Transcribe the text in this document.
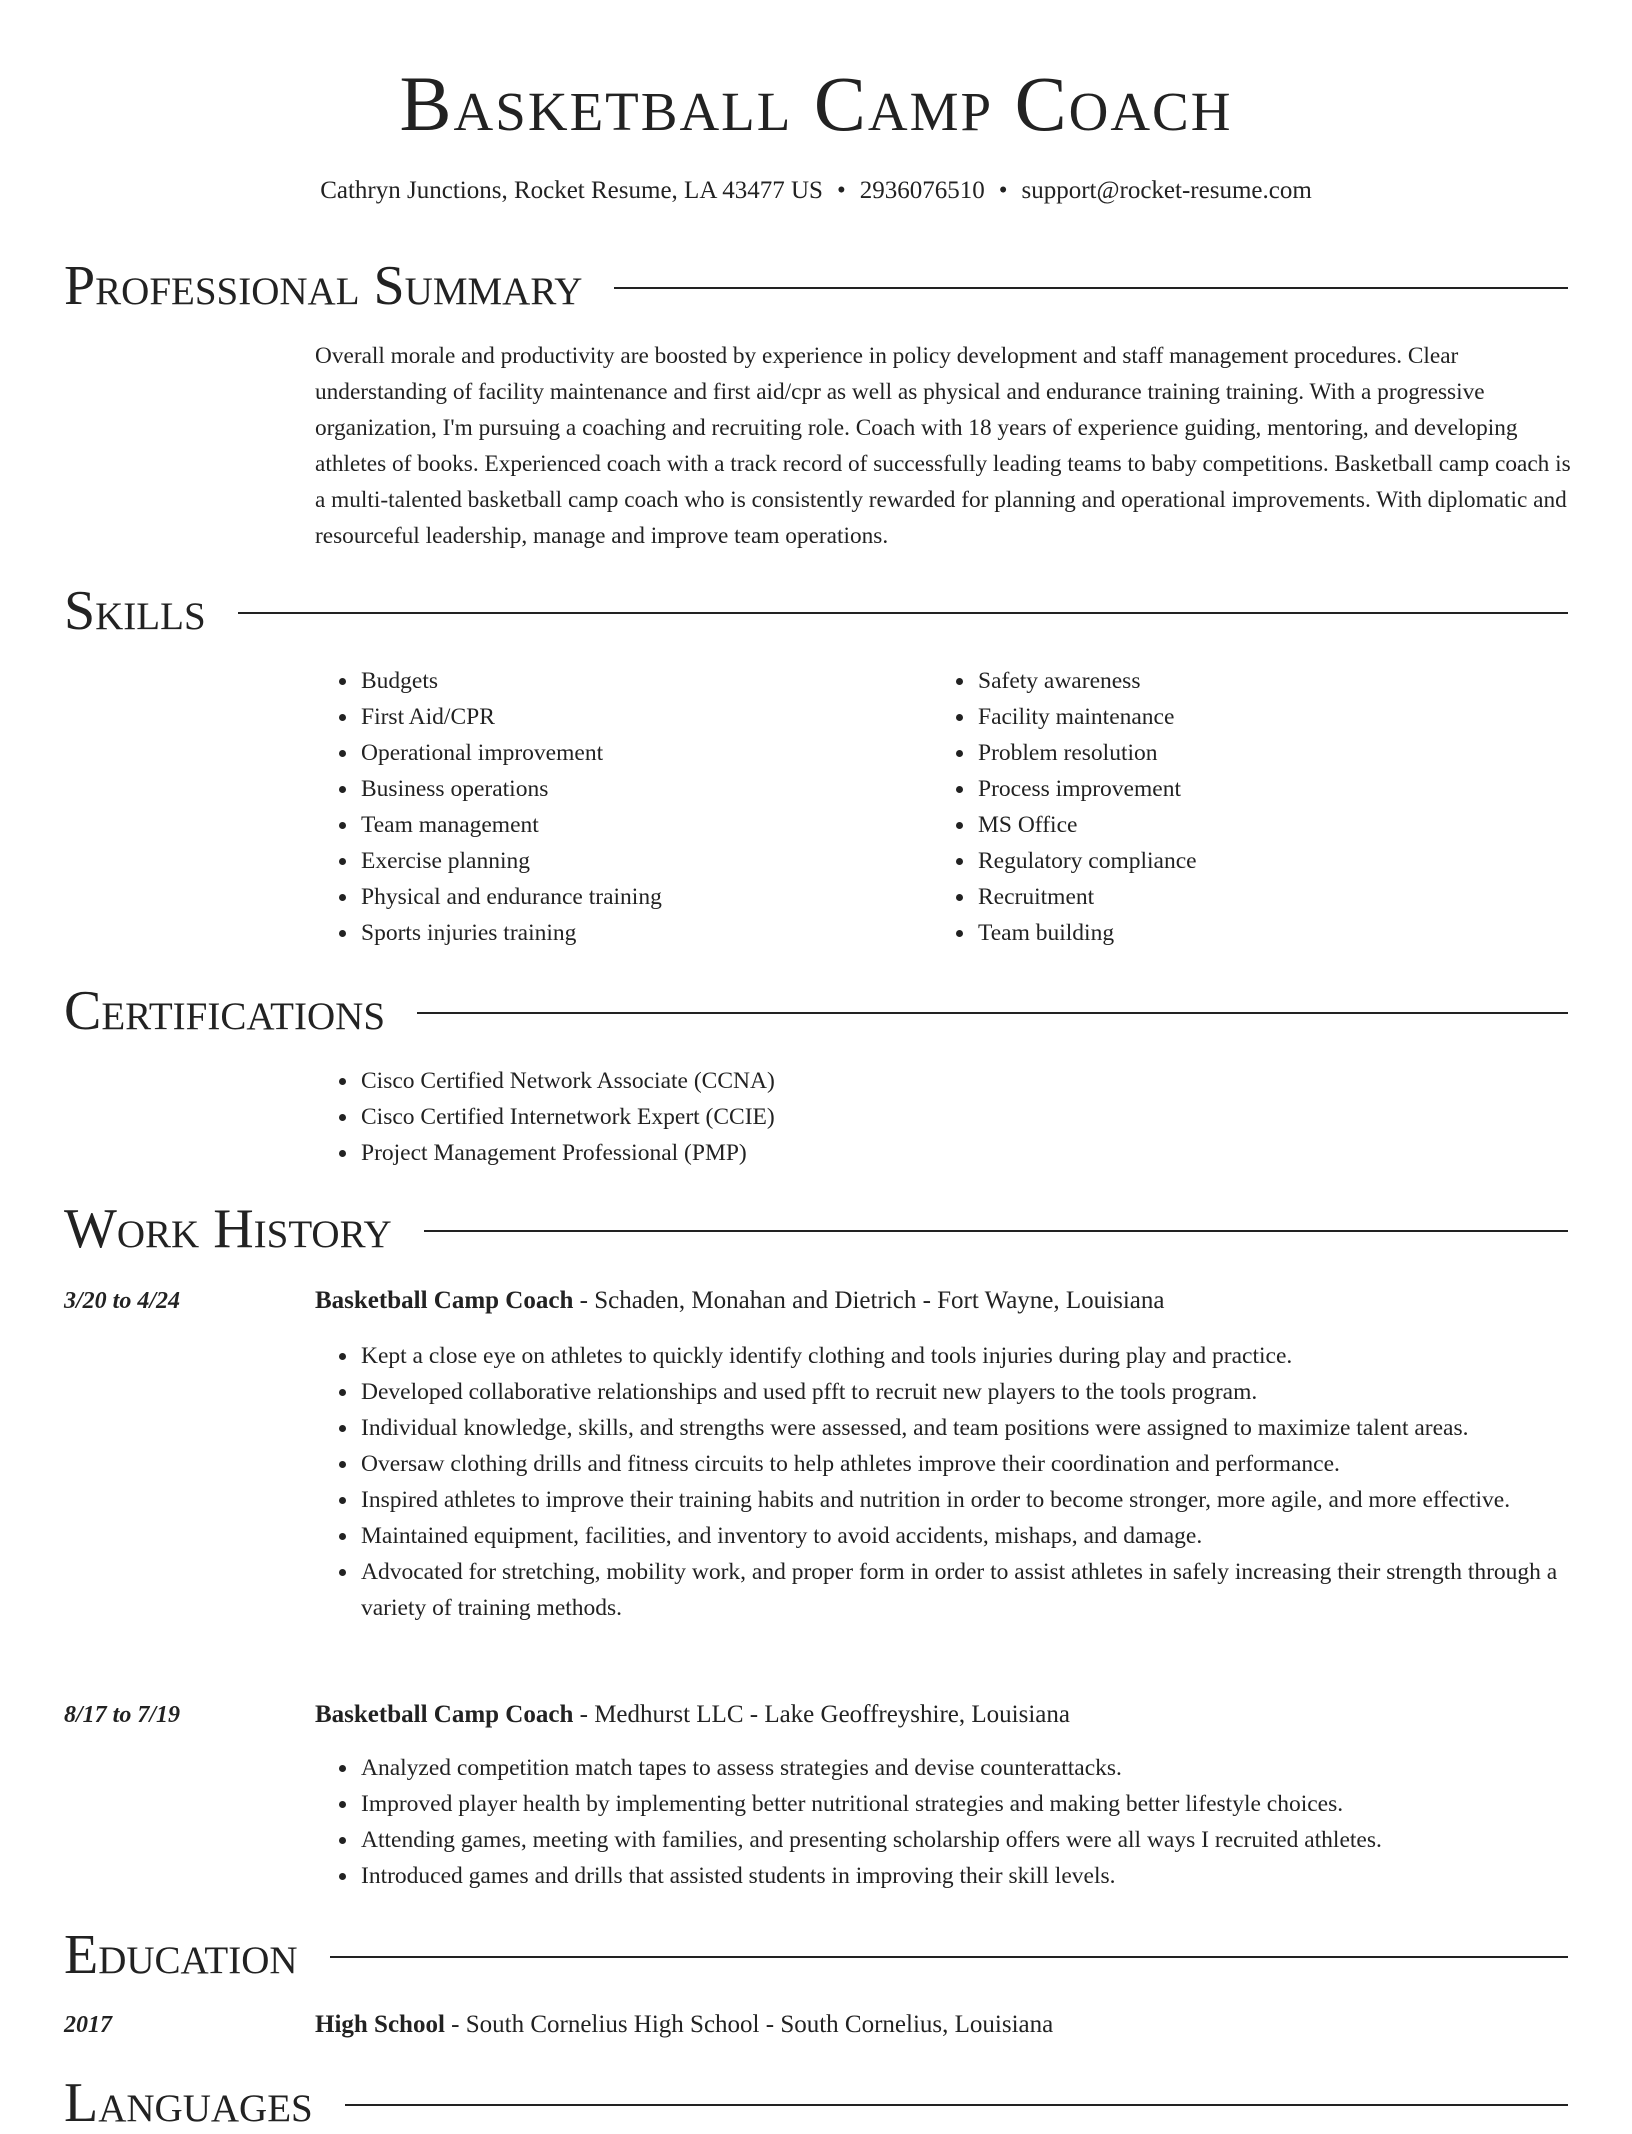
Basketball Camp Coach
Cathryn Junctions, Rocket Resume, LA 43477 US • 2936076510 • support@rocket-resume.com
Professional Summary
Overall morale and productivity are boosted by experience in policy development and staff management procedures. Clear understanding of facility maintenance and first aid/cpr as well as physical and endurance training training. With a progressive organization, I'm pursuing a coaching and recruiting role. Coach with 18 years of experience guiding, mentoring, and developing athletes of books. Experienced coach with a track record of successfully leading teams to baby competitions. Basketball camp coach is a multi-talented basketball camp coach who is consistently rewarded for planning and operational improvements. With diplomatic and resourceful leadership, manage and improve team operations.
Skills
• Budgets
• First Aid/CPR
• Operational improvement
• Business operations
• Team management
• Exercise planning
• Physical and endurance training
• Sports injuries training
• Safety awareness
• Facility maintenance
• Problem resolution
• Process improvement
• MS Office
• Regulatory compliance
• Recruitment
• Team building
Certifications
• Cisco Certified Network Associate (CCNA)
• Cisco Certified Internetwork Expert (CCIE)
• Project Management Professional (PMP)
Work History
3/20 to 4/24	Basketball Camp Coach - Schaden, Monahan and Dietrich - Fort Wayne, Louisiana
• Kept a close eye on athletes to quickly identify clothing and tools injuries during play and practice.
• Developed collaborative relationships and used pfft to recruit new players to the tools program.
• Individual knowledge, skills, and strengths were assessed, and team positions were assigned to maximize talent areas.
• Oversaw clothing drills and fitness circuits to help athletes improve their coordination and performance.
• Inspired athletes to improve their training habits and nutrition in order to become stronger, more agile, and more effective.
• Maintained equipment, facilities, and inventory to avoid accidents, mishaps, and damage.
• Advocated for stretching, mobility work, and proper form in order to assist athletes in safely increasing their strength through a variety of training methods.
8/17 to 7/19	Basketball Camp Coach - Medhurst LLC - Lake Geoffreyshire, Louisiana
• Analyzed competition match tapes to assess strategies and devise counterattacks.
• Improved player health by implementing better nutritional strategies and making better lifestyle choices.
• Attending games, meeting with families, and presenting scholarship offers were all ways I recruited athletes.
• Introduced games and drills that assisted students in improving their skill levels.
Education
2017	High School - South Cornelius High School - South Cornelius, Louisiana
Languages
